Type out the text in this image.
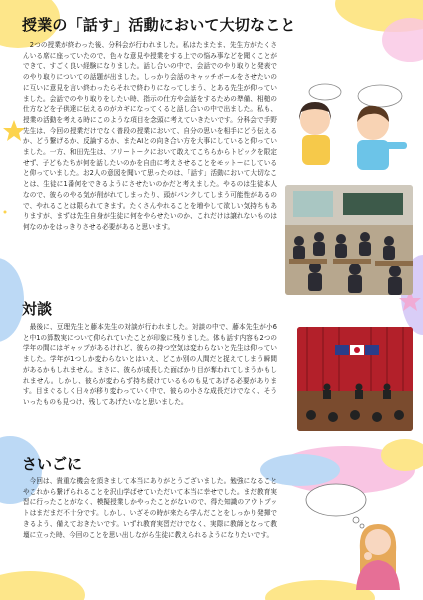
授業の「話す」活動において大切なこと
　2つの授業が終わった後、分科会が行われました。私はたまたま、先生方がたくさんいる席に座っていたので、色々な意見や授業をする上での悩み事などを聞くことができて、すごく良い経験になりました。話し合いの中で、会話でのやり取りと発表でのやり取りについての話題が出ました。しっかり会話のキャッチボールをさせたいのに互いに意見を言い終わったらそれで終わりになってしまう、とある先生が仰っていました。会話でのやり取りをしたい時、指示の仕方や会話をするための準備、相槌の仕方などを子供達に伝えるのがカギになってくると話し合いの中で出ました。私も、授業の活動を考える時にこのような項目を念頭に考えていきたいです。分科会で手野先生は、今回の授業だけでなく普段の授業において、自分の思いを相手にどう伝えるか、どう繋げるか、反論するか、またAIとの向き合い方を大事にしていると仰っていました。一方、和田先生は、フリートークにおいて敢えてこちらからトピックを限定せず、子どもたちが何を話したいのかを自由に考えさせることをモットーにしていると仰っていました。お2人の意図を聞いて思ったのは、「話す」活動において大切なことは、生徒に1番何をできるようにさせたいのかだと考えました。やるのは生徒本人なので、彼らのやる気が削がれてしまったり、頭がパンクしてしまう可能性があるので、やれることは限られてきます。たくさんやれることを増やして欲しい気持ちもありますが、まずは先生自身が生徒に何をやらせたいのか、これだけは譲れないものは何なのかをはっきりさせる必要があると思います。
対談
　最後に、豆理先生と藤本先生の対談が行われました。対談の中で、藤本先生が小6と中1の算数実について仰られていたことが印象に残りました。体も話す内容も2つの学年の間にはギャップがあるけれど、彼らの持つ空気は変わらないと先生は仰っていました。学年が1つしか変わらないとはいえ、どこか別の人間だと捉えてしまう瞬間があるかもしれません。まさに、彼らが成長した面ばかり目が奪われてしまうかもしれません。しかし、彼らが変わらず持ち続けているものも見てあげる必要があります。目まぐるしく日々が移り変わっていく中で、彼らの小さな成長だけでなく、そういったものも見つけ、残してあげたいなと思いました。
さいごに
　今回は、貴重な機会を頂きまして本当にありがとうございました。勉強になることやこれから繋げられることを沢山学ばせていただいて本当に幸せでした。まだ教育実習に行ったことがなく、模擬授業しかやったことがないので、得た知識のアウトプットはまだまだ不十分です。しかし、いざその時が来たら学んだことをしっかり発揮できるよう、備えておきたいです。いずれ教育実習だけでなく、実際に教師となって教壇に立った時、今回のことを思い出しながら生徒に教えられるようになりたいです。
